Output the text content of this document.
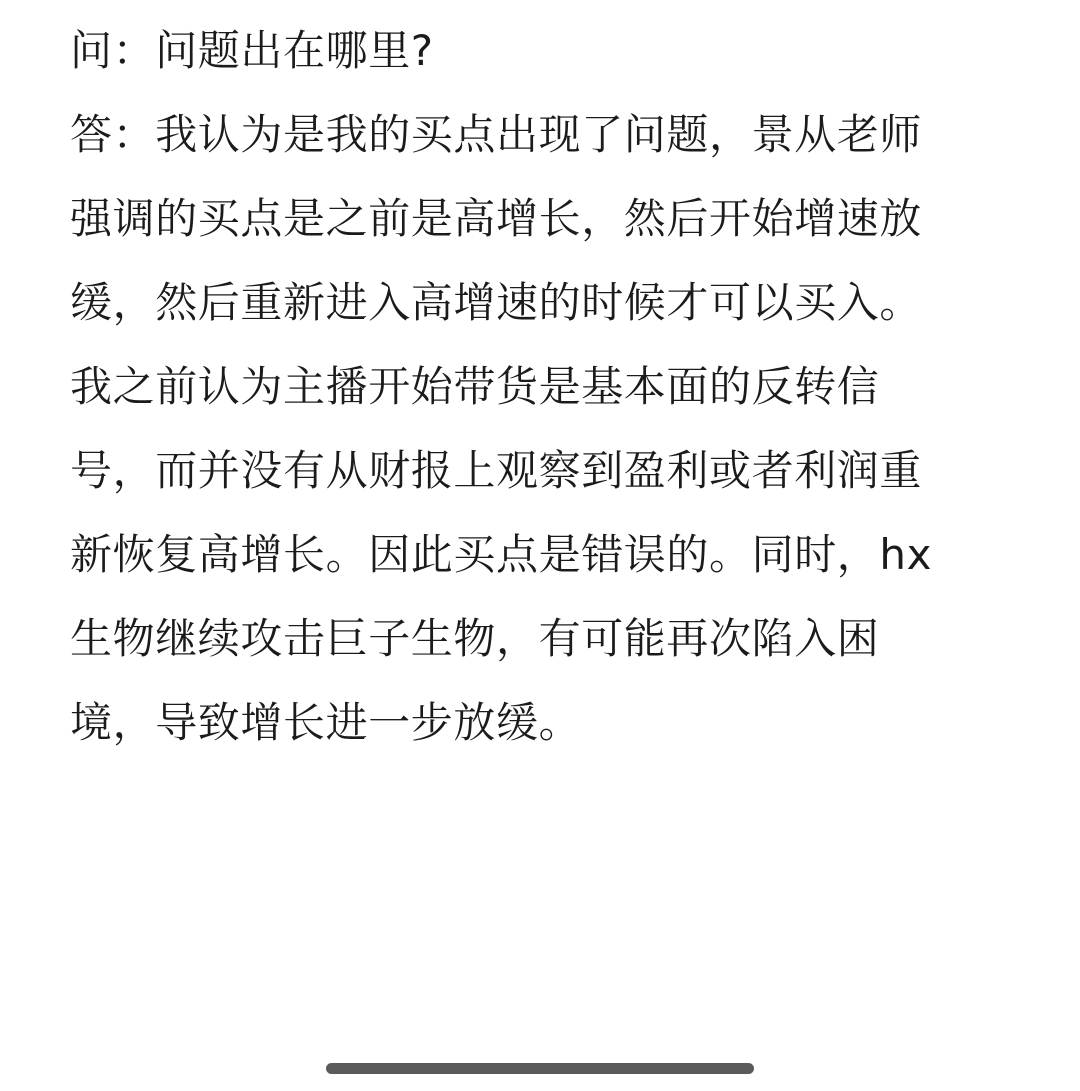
问：问题出在哪里?
答：我认为是我的买点出现了问题，景从老师
强调的买点是之前是高增长，然后开始增速放
缓，然后重新进入高增速的时候才可以买入。
我之前认为主播开始带货是基本面的反转信
号，而并没有从财报上观察到盈利或者利润重
新恢复高增长。因此买点是错误的。同时，hx
生物继续攻击巨子生物，有可能再次陷入困
境，导致增长进一步放缓。
